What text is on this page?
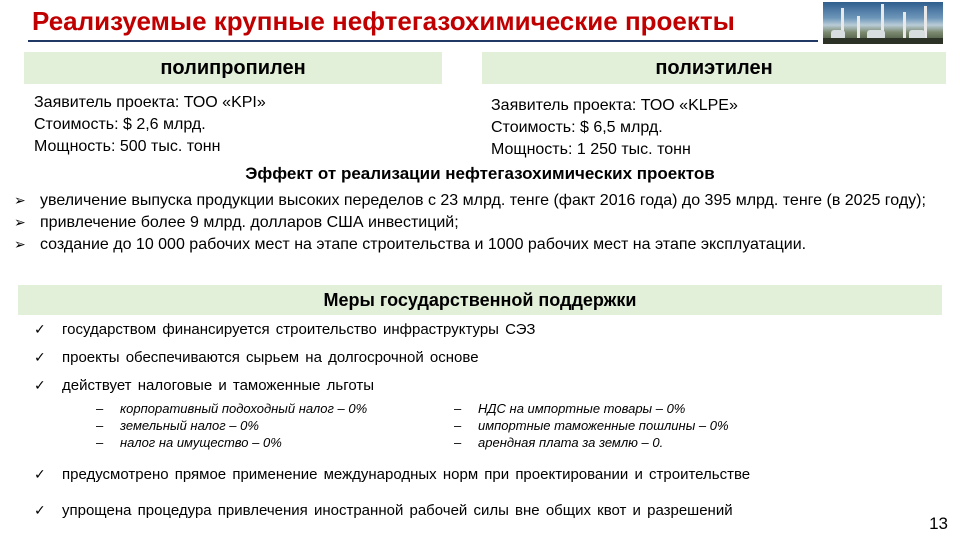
Реализуемые крупные нефтегазохимические проекты
полипропилен	полиэтилен
Заявитель проекта: ТОО «KPI»
Стоимость: $ 2,6 млрд.
Мощность: 500 тыс. тонн
Заявитель проекта: ТОО «KLPE»
Стоимость: $ 6,5 млрд.
Мощность: 1 250 тыс. тонн
Эффект от реализации нефтегазохимических проектов
➢ увеличение выпуска продукции высоких переделов с 23 млрд. тенге (факт 2016 года) до 395 млрд. тенге (в 2025 году);
➢ привлечение более 9 млрд. долларов США инвестиций;
➢ создание до 10 000 рабочих мест на этапе строительства и 1000 рабочих мест на этапе эксплуатации.
Меры государственной поддержки
✓ государством финансируется строительство инфраструктуры СЭЗ
✓ проекты обеспечиваются сырьем на долгосрочной основе
✓ действует налоговые и таможенные льготы
– корпоративный подоходный налог – 0%
– земельный налог – 0%
– налог на имущество – 0%
– НДС на импортные товары – 0%
– импортные таможенные пошлины – 0%
– арендная плата за землю – 0.
✓ предусмотрено прямое применение международных норм при проектировании и строительстве
✓ упрощена процедура привлечения иностранной рабочей силы вне общих квот и разрешений
13
